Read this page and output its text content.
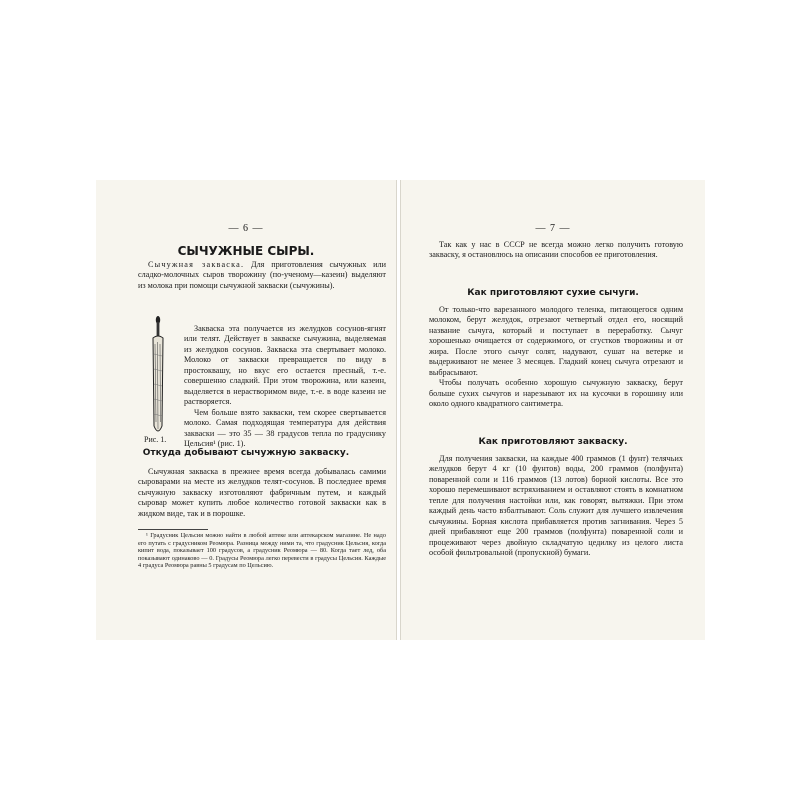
— 6 —
СЫЧУЖНЫЕ СЫРЫ.

Сычужная закваска. Для приготовления сычужных или сладко-молочных сыров творожину (по-ученому—казеин) выделяют из молока при помощи сычужной закваски (сычужины).

Закваска эта получается из желудков сосунов-ягнят или телят. Действует в закваске сычужина, выделяемая из желудков сосунов. Закваска эта свертывает молоко. Молоко от закваски превращается по виду в простоквашу, но вкус его остается пресный, т.-е. совершенно сладкий. При этом творожина, или казеин, выделяется в нерастворимом виде, т.-е. в воде казеин не растворяется.

Чем больше взято закваски, тем скорее свертывается молоко. Самая подходящая температура для действия закваски — это 35 — 38 градусов тепла по градуснику Цельсия¹ (рис. 1).

Рис. 1.
Откуда добывают сычужную закваску.

Сычужная закваска в прежнее время всегда добывалась самими сыроварами на месте из желудков телят-сосунов. В последнее время сычужную закваску изготовляют фабричным путем, и каждый сыровар может купить любое количество готовой закваски как в жидком виде, так и в порошке.

¹ Градусник Цельсия можно найти в любой аптеке или аптекарском магазине. Не надо его путать с градусником Реомюра. Разница между ними та, что градусник Цельсия, когда кипит вода, показывает 100 градусов, а градусник Реомюра — 80. Когда тает лед, оба показывают одинаково — 0. Градусы Реомюра легко перевести в градусы Цельсия. Каждые 4 градуса Реомюра равны 5 градусам по Цельсию.

— 7 —

Так как у нас в СССР не всегда можно легко получить готовую закваску, я остановлюсь на описании способов ее приготовления.

Как приготовляют сухие сычуги.

От только-что варезанного молодого теленка, питающегося одним молоком, берут желудок, отрезают четвертый отдел его, носящий название сычуга, который и поступает в переработку. Сычуг хорошенько очищается от содержимого, от сгустков творожины и от жира. После этого сычуг солят, надувают, сушат на ветерке и выдерживают не менее 3 месяцев. Гладкий конец сычуга отрезают и выбрасывают.

Чтобы получать особенно хорошую сычужную закваску, берут больше сухих сычугов и нарезывают их на кусочки в горошину или около одного квадратного сантиметра.

Как приготовляют закваску.

Для получения закваски, на каждые 400 граммов (1 фунт) телячьих желудков берут 4 кг (10 фунтов) воды, 200 граммов (полфунта) поваренной соли и 116 граммов (13 лотов) борной кислоты. Все это хорошо перемешивают встряхиванием и оставляют стоять в комнатном тепле для получения настойки или, как говорят, вытяжки. При этом каждый день часто взбалтывают. Соль служит для лучшего извлечения сычужины. Борная кислота прибавляется против загнивания. Через 5 дней прибавляют еще 200 граммов (полфунта) поваренной соли и процеживают через двойную складчатую цедилку из целого листа особой фильтровальной (пропускной) бумаги.
